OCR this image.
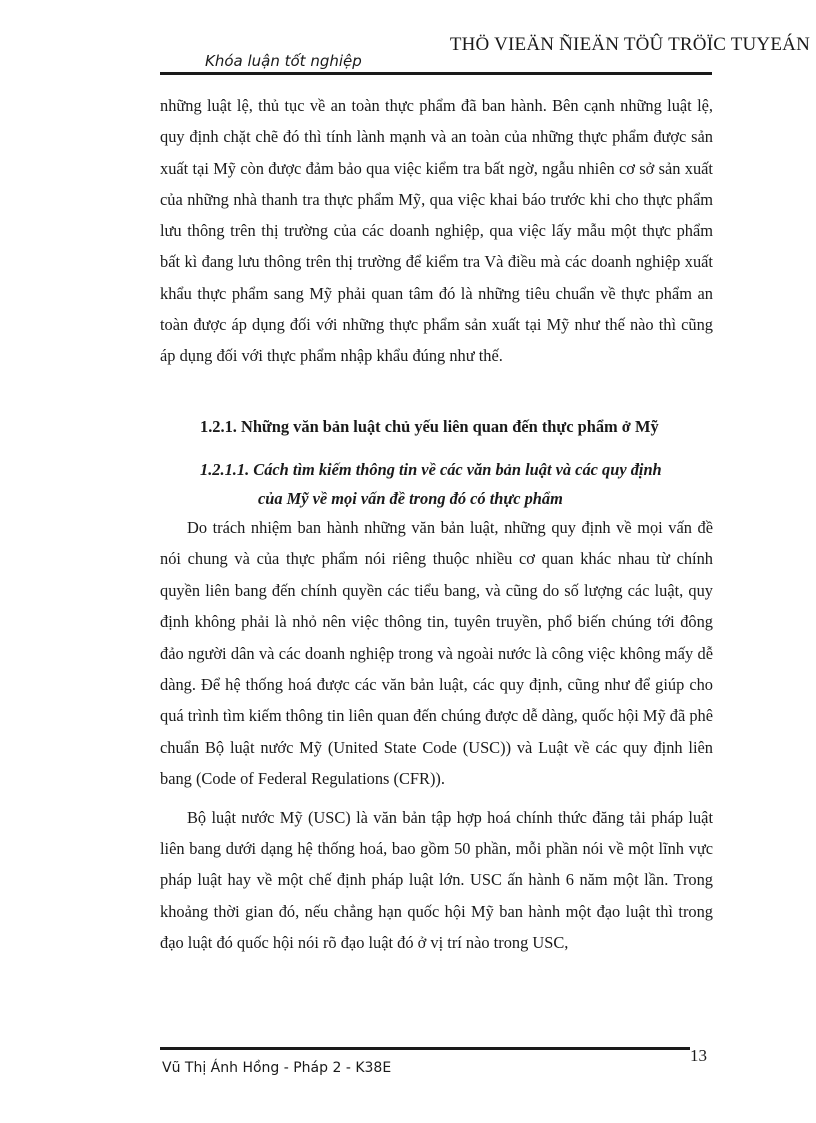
Khóa luận tốt nghiệp
THÖ VIEÄN ÑIEÄN TÖÛ TRÖÏC TUYEÁN

những luật lệ, thủ tục về an toàn thực phẩm đã ban hành. Bên cạnh những luật lệ, quy định chặt chẽ đó thì tính lành mạnh và an toàn của những thực phẩm được sản xuất tại Mỹ còn được đảm bảo qua việc kiểm tra bất ngờ, ngẫu nhiên cơ sở sản xuất của những nhà thanh tra thực phẩm Mỹ, qua việc khai báo trước khi cho thực phẩm lưu thông trên thị trường của các doanh nghiệp, qua việc lấy mẫu một thực phẩm bất kì đang lưu thông trên thị trường để kiểm tra Và điều mà các doanh nghiệp xuất khẩu thực phẩm sang Mỹ phải quan tâm đó là những tiêu chuẩn về thực phẩm an toàn được áp dụng đối với những thực phẩm sản xuất tại Mỹ như thế nào thì cũng áp dụng đối với thực phẩm nhập khẩu đúng như thế.

1.2.1. Những văn bản luật chủ yếu liên quan đến thực phẩm ở Mỹ
1.2.1.1. Cách tìm kiếm thông tin về các văn bản luật và các quy định
của Mỹ về mọi vấn đề trong đó có thực phẩm

Do trách nhiệm ban hành những văn bản luật, những quy định về mọi vấn đề nói chung và của thực phẩm nói riêng thuộc nhiều cơ quan khác nhau từ chính quyền liên bang đến chính quyền các tiểu bang, và cũng do số lượng các luật, quy định không phải là nhỏ nên việc thông tin, tuyên truyền, phổ biến chúng tới đông đảo người dân và các doanh nghiệp trong và ngoài nước là công việc không mấy dễ dàng. Để hệ thống hoá được các văn bản luật, các quy định, cũng như để giúp cho quá trình tìm kiếm thông tin liên quan đến chúng được dễ dàng, quốc hội Mỹ đã phê chuẩn Bộ luật nước Mỹ (United State Code (USC)) và Luật về các quy định liên bang (Code of Federal Regulations (CFR)).

Bộ luật nước Mỹ (USC) là văn bản tập hợp hoá chính thức đăng tải pháp luật liên bang dưới dạng hệ thống hoá, bao gồm 50 phần, mỗi phần nói về một lĩnh vực pháp luật hay về một chế định pháp luật lớn. USC ấn hành 6 năm một lần. Trong khoảng thời gian đó, nếu chẳng hạn quốc hội Mỹ ban hành một đạo luật thì trong đạo luật đó quốc hội nói rõ đạo luật đó ở vị trí nào trong USC,

Vũ Thị Ánh Hồng - Pháp 2 - K38E
13
